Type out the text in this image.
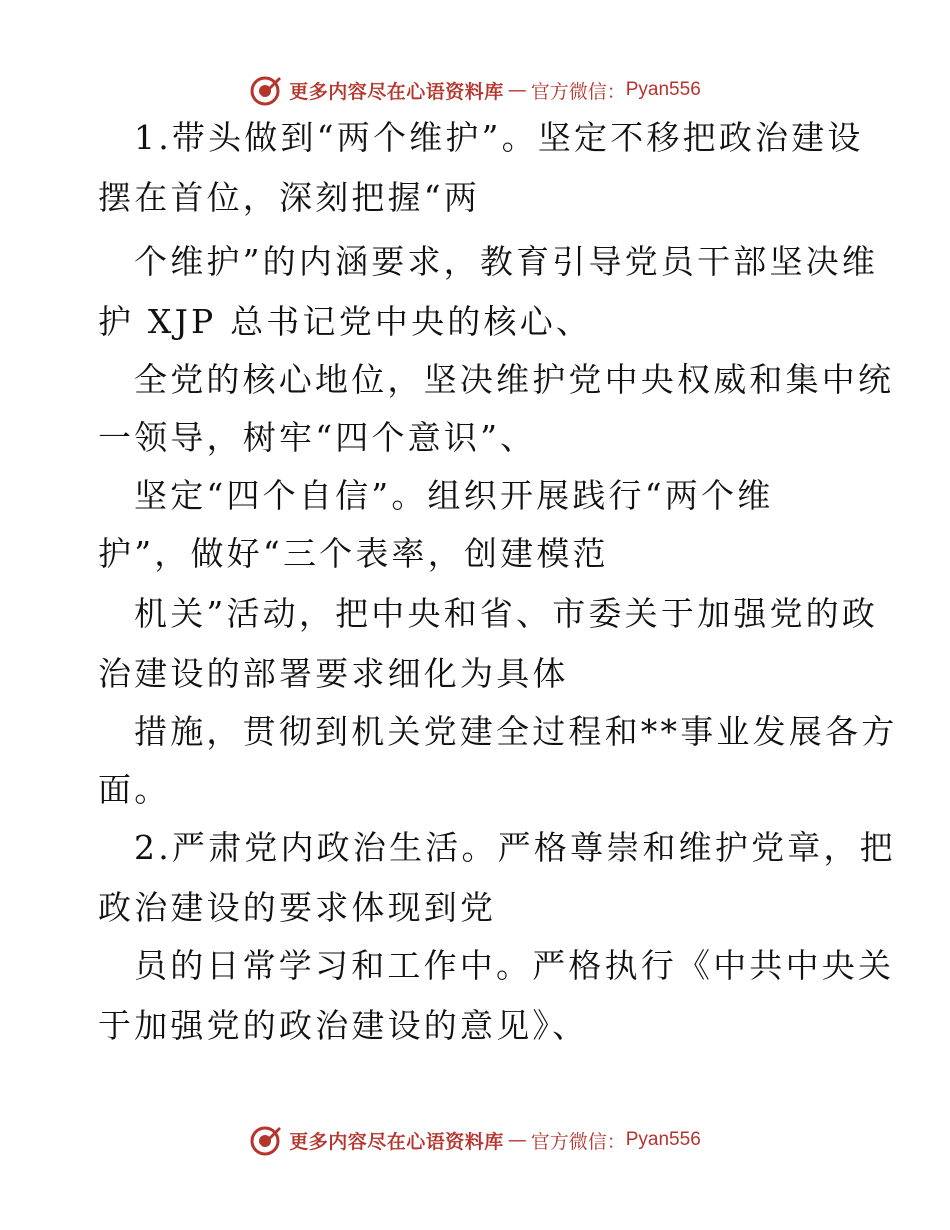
更多内容尽在心语资料库 — 官方微信： Pyan556
1.带头做到“两个维护”。坚定不移把政治建设
摆在首位，深刻把握“两
个维护”的内涵要求，教育引导党员干部坚决维
护 XJP 总书记党中央的核心、
全党的核心地位，坚决维护党中央权威和集中统
一领导，树牢“四个意识”、
坚定“四个自信”。组织开展践行“两个维
护”，做好“三个表率，创建模范
机关”活动，把中央和省、市委关于加强党的政
治建设的部署要求细化为具体
措施，贯彻到机关党建全过程和**事业发展各方
面。
2.严肃党内政治生活。严格尊崇和维护党章，把
政治建设的要求体现到党
员的日常学习和工作中。严格执行《中共中央关
于加强党的政治建设的意见》、
更多内容尽在心语资料库 — 官方微信： Pyan556
